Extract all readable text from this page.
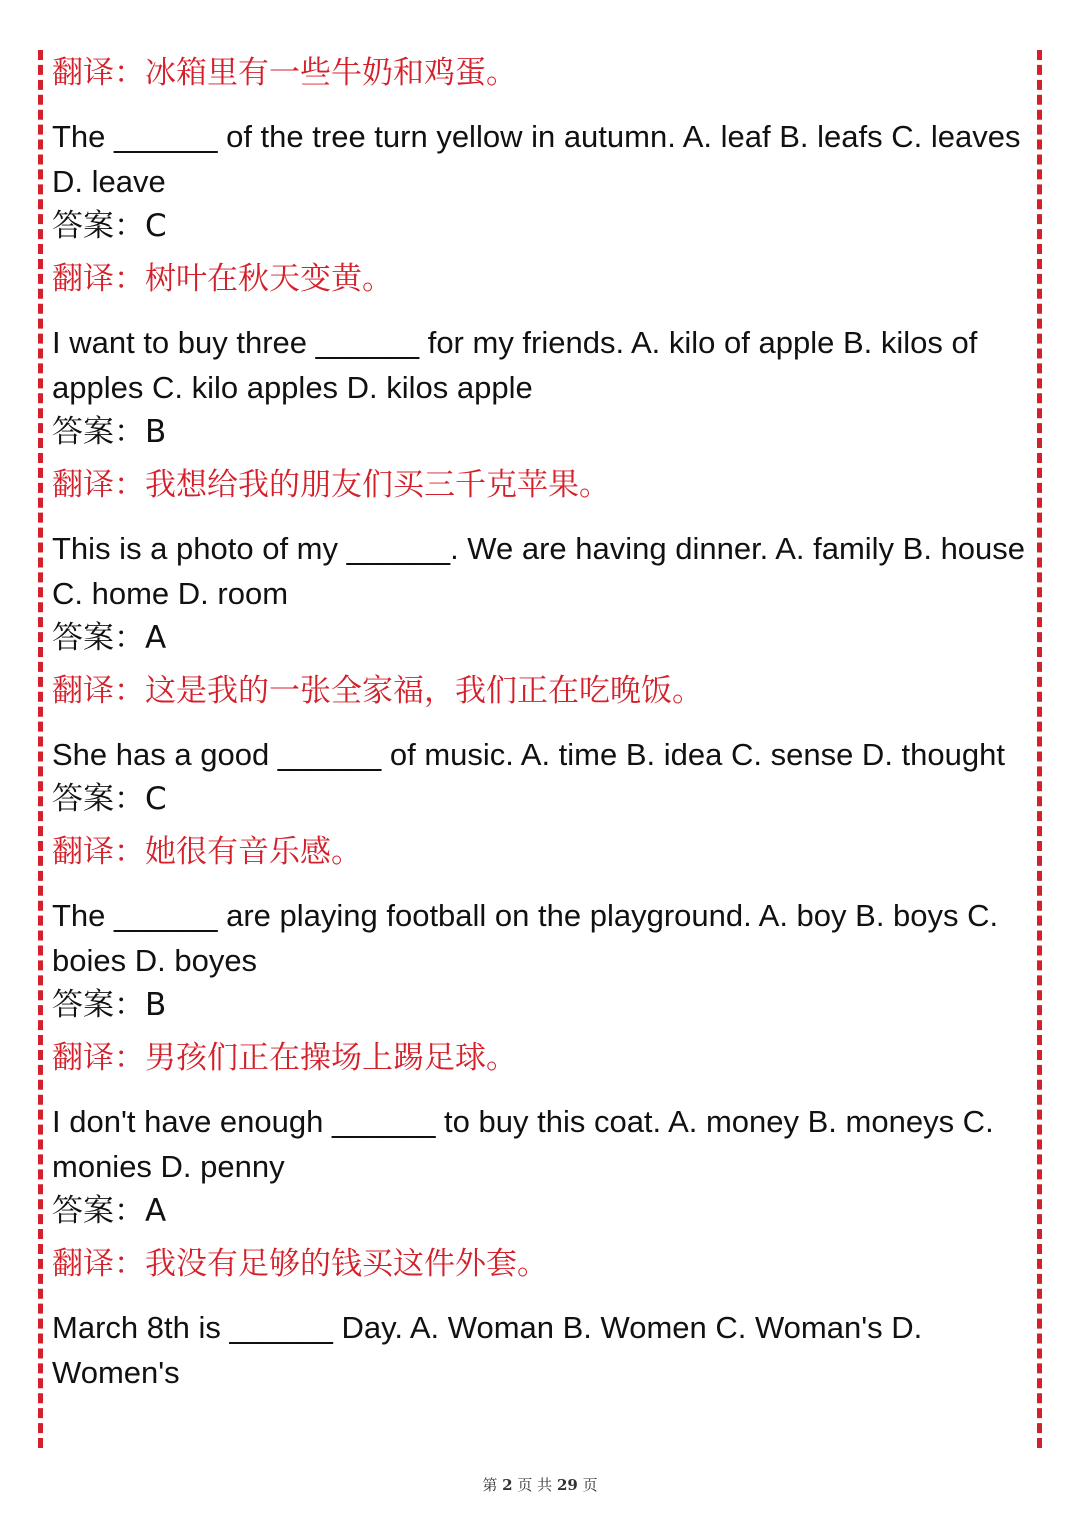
翻译：冰箱里有一些牛奶和鸡蛋。
The ______ of the tree turn yellow in autumn. A. leaf B. leafs C. leaves D. leave
答案：C
翻译：树叶在秋天变黄。
I want to buy three ______ for my friends. A. kilo of apple B. kilos of apples C. kilo apples D. kilos apple
答案：B
翻译：我想给我的朋友们买三千克苹果。
This is a photo of my ______. We are having dinner. A. family B. house C. home D. room
答案：A
翻译：这是我的一张全家福，我们正在吃晚饭。
She has a good ______ of music. A. time B. idea C. sense D. thought
答案：C
翻译：她很有音乐感。
The ______ are playing football on the playground. A. boy B. boys C. boies D. boyes
答案：B
翻译：男孩们正在操场上踢足球。
I don't have enough ______ to buy this coat. A. money B. moneys C. monies D. penny
答案：A
翻译：我没有足够的钱买这件外套。
March 8th is ______ Day. A. Woman B. Women C. Woman's D. Women's
第 2 页 共 29 页
